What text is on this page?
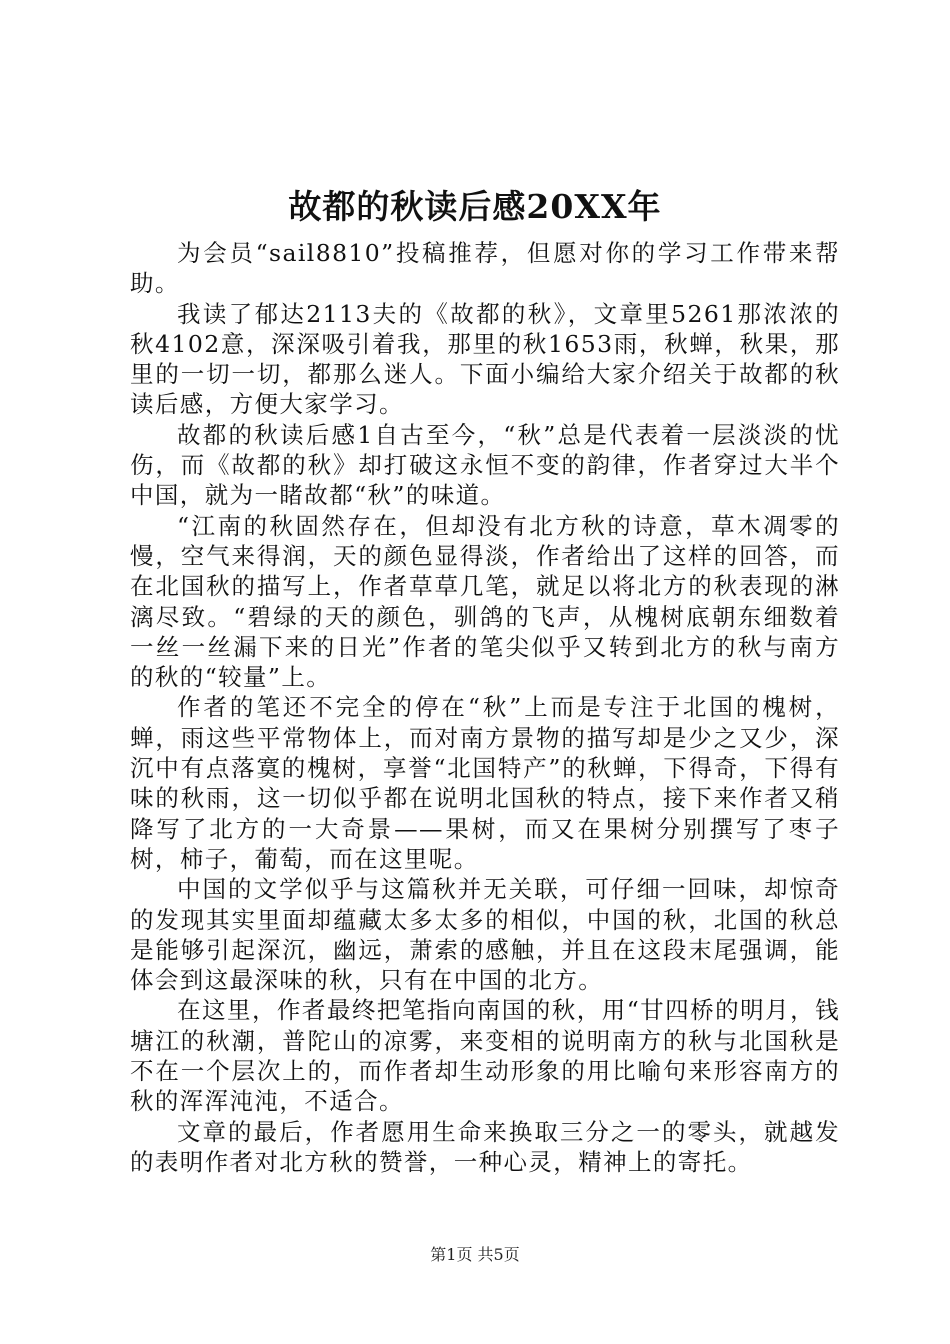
故都的秋读后感20XX年

为会员“sail8810”投稿推荐，但愿对你的学习工作带来帮助。

我读了郁达2113夫的《故都的秋》，文章里5261那浓浓的秋4102意，深深吸引着我，那里的秋1653雨，秋蝉，秋果，那里的一切一切，都那么迷人。下面小编给大家介绍关于故都的秋读后感，方便大家学习。

故都的秋读后感1自古至今，“秋”总是代表着一层淡淡的忧伤，而《故都的秋》却打破这永恒不变的韵律，作者穿过大半个中国，就为一睹故都“秋”的味道。

“江南的秋固然存在，但却没有北方秋的诗意，草木凋零的慢，空气来得润，天的颜色显得淡，作者给出了这样的回答，而在北国秋的描写上，作者草草几笔，就足以将北方的秋表现的淋漓尽致。“碧绿的天的颜色，驯鸽的飞声，从槐树底朝东细数着一丝一丝漏下来的日光”作者的笔尖似乎又转到北方的秋与南方的秋的“较量”上。

作者的笔还不完全的停在“秋”上而是专注于北国的槐树，蝉，雨这些平常物体上，而对南方景物的描写却是少之又少，深沉中有点落寞的槐树，享誉“北国特产”的秋蝉，下得奇，下得有味的秋雨，这一切似乎都在说明北国秋的特点，接下来作者又稍降写了北方的一大奇景——果树，而又在果树分别撰写了枣子树，柿子，葡萄，而在这里呢。

中国的文学似乎与这篇秋并无关联，可仔细一回味，却惊奇的发现其实里面却蕴藏太多太多的相似，中国的秋，北国的秋总是能够引起深沉，幽远，萧索的感触，并且在这段末尾强调，能体会到这最深味的秋，只有在中国的北方。

在这里，作者最终把笔指向南国的秋，用“甘四桥的明月，钱塘江的秋潮，普陀山的凉雾，来变相的说明南方的秋与北国秋是不在一个层次上的，而作者却生动形象的用比喻句来形容南方的秋的浑浑沌沌，不适合。

文章的最后，作者愿用生命来换取三分之一的零头，就越发的表明作者对北方秋的赞誉，一种心灵，精神上的寄托。

第1页 共5页
